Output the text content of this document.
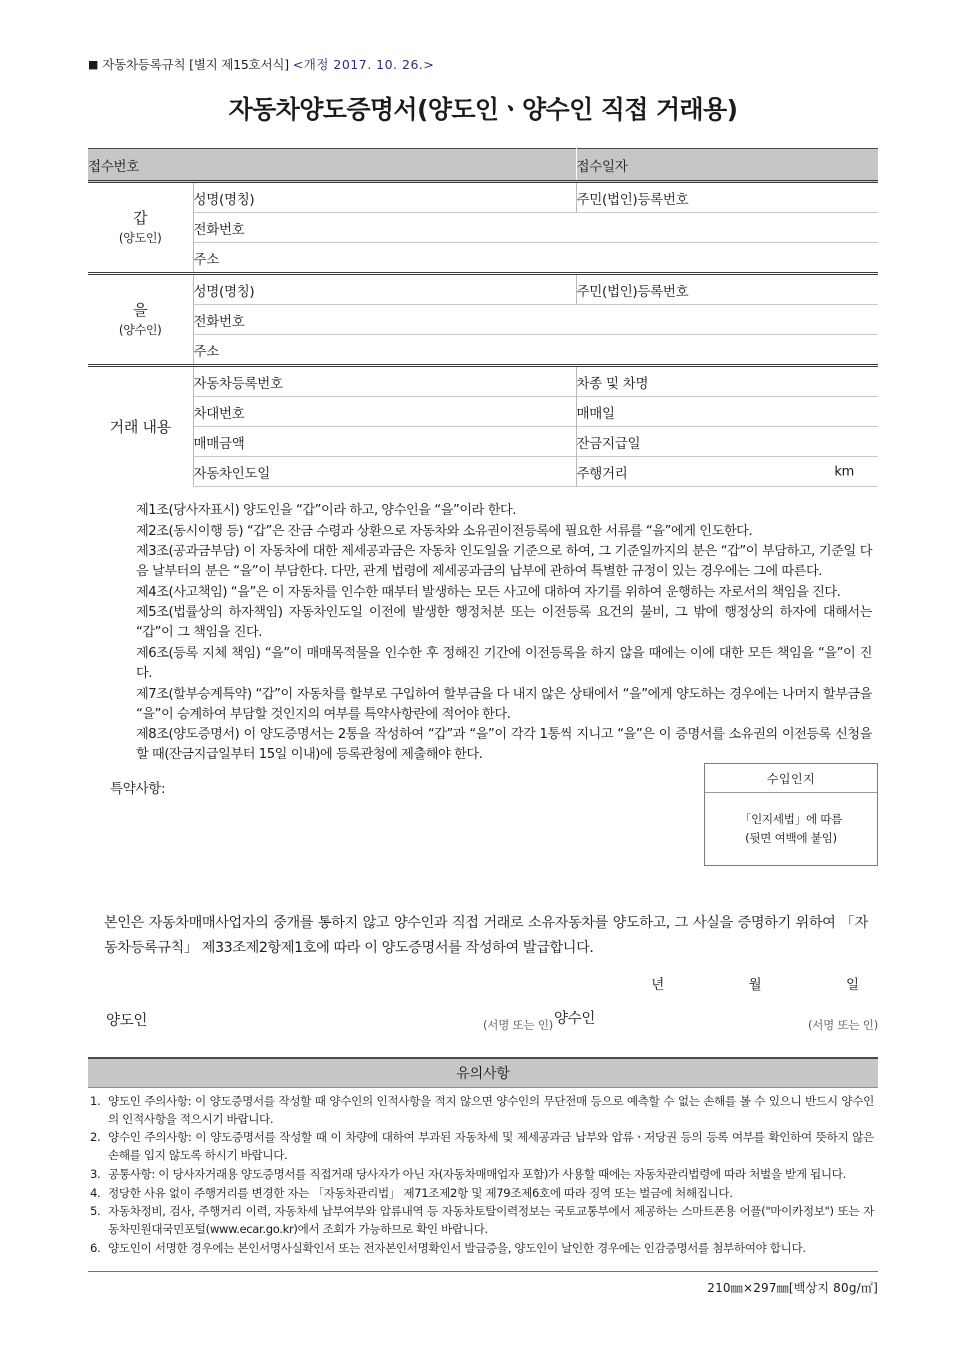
■ 자동차등록규칙 [별지 제15호서식] <개정 2017. 10. 26.>
자동차양도증명서(양도인ㆍ양수인 직접 거래용)
접수번호		접수일자

갑
(양도인)	성명(명칭)	주민(법인)등록번호
	전화번호	
	주소	

을
(양수인)	성명(명칭)	주민(법인)등록번호
	전화번호	
	주소	
거래 내용	자동차등록번호	차종 및 차명
	차대번호	매매일
	매매금액	잔금지급일
	자동차인도일	주행거리 km
제1조(당사자표시) 양도인을 “갑”이라 하고, 양수인을 “을”이라 한다.
제2조(동시이행 등) “갑”은 잔금 수령과 상환으로 자동차와 소유권이전등록에 필요한 서류를 “을”에게 인도한다.
제3조(공과금부담) 이 자동차에 대한 제세공과금은 자동차 인도일을 기준으로 하여, 그 기준일까지의 분은 “갑”이 부담하고, 기준일 다음 날부터의 분은 “을”이 부담한다. 다만, 관계 법령에 제세공과금의 납부에 관하여 특별한 규정이 있는 경우에는 그에 따른다.
제4조(사고책임) “을”은 이 자동차를 인수한 때부터 발생하는 모든 사고에 대하여 자기를 위하여 운행하는 자로서의 책임을 진다.
제5조(법률상의 하자책임) 자동차인도일 이전에 발생한 행정처분 또는 이전등록 요건의 불비, 그 밖에 행정상의 하자에 대해서는 “갑”이 그 책임을 진다.
제6조(등록 지체 책임) “을”이 매매목적물을 인수한 후 정해진 기간에 이전등록을 하지 않을 때에는 이에 대한 모든 책임을 “을”이 진다.
제7조(할부승계특약) “갑”이 자동차를 할부로 구입하여 할부금을 다 내지 않은 상태에서 “을”에게 양도하는 경우에는 나머지 할부금을 “을”이 승계하여 부담할 것인지의 여부를 특약사항란에 적어야 한다.
제8조(양도증명서) 이 양도증명서는 2통을 작성하여 “갑”과 “을”이 각각 1통씩 지니고 “을”은 이 증명서를 소유권의 이전등록 신청을 할 때(잔금지급일부터 15일 이내)에 등록관청에 제출해야 한다.
특약사항:
수입인지
「인지세법」에 따름
(뒷면 여백에 붙임)
본인은 자동차매매사업자의 중개를 통하지 않고 양수인과 직접 거래로 소유자동차를 양도하고, 그 사실을 증명하기 위하여 「자동차등록규칙」 제33조제2항제1호에 따라 이 양도증명서를 작성하여 발급합니다.
년	월	일
양도인	(서명 또는 인) 양수인	(서명 또는 인)
유의사항
1. 양도인 주의사항: 이 양도증명서를 작성할 때 양수인의 인적사항을 적지 않으면 양수인의 무단전매 등으로 예측할 수 없는 손해를 볼 수 있으니 반드시 양수인의 인적사항을 적으시기 바랍니다.
2. 양수인 주의사항: 이 양도증명서를 작성할 때 이 차량에 대하여 부과된 자동차세 및 제세공과금 납부와 압류ㆍ저당권 등의 등록 여부를 확인하여 뜻하지 않은 손해를 입지 않도록 하시기 바랍니다.
3. 공통사항: 이 당사자거래용 양도증명서를 직접거래 당사자가 아닌 자(자동차매매업자 포함)가 사용할 때에는 자동차관리법령에 따라 처벌을 받게 됩니다.
4. 정당한 사유 없이 주행거리를 변경한 자는 「자동차관리법」 제71조제2항 및 제79조제6호에 따라 징역 또는 벌금에 처해집니다.
5. 자동차정비, 검사, 주행거리 이력, 자동차세 납부여부와 압류내역 등 자동차토탈이력정보는 국토교통부에서 제공하는 스마트폰용 어플("마이카정보") 또는 자동차민원대국민포털(www.ecar.go.kr)에서 조회가 가능하므로 확인 바랍니다.
6. 양도인이 서명한 경우에는 본인서명사실확인서 또는 전자본인서명확인서 발급증을, 양도인이 날인한 경우에는 인감증명서를 첨부하여야 합니다.
210㎜×297㎜[백상지 80g/㎡]
